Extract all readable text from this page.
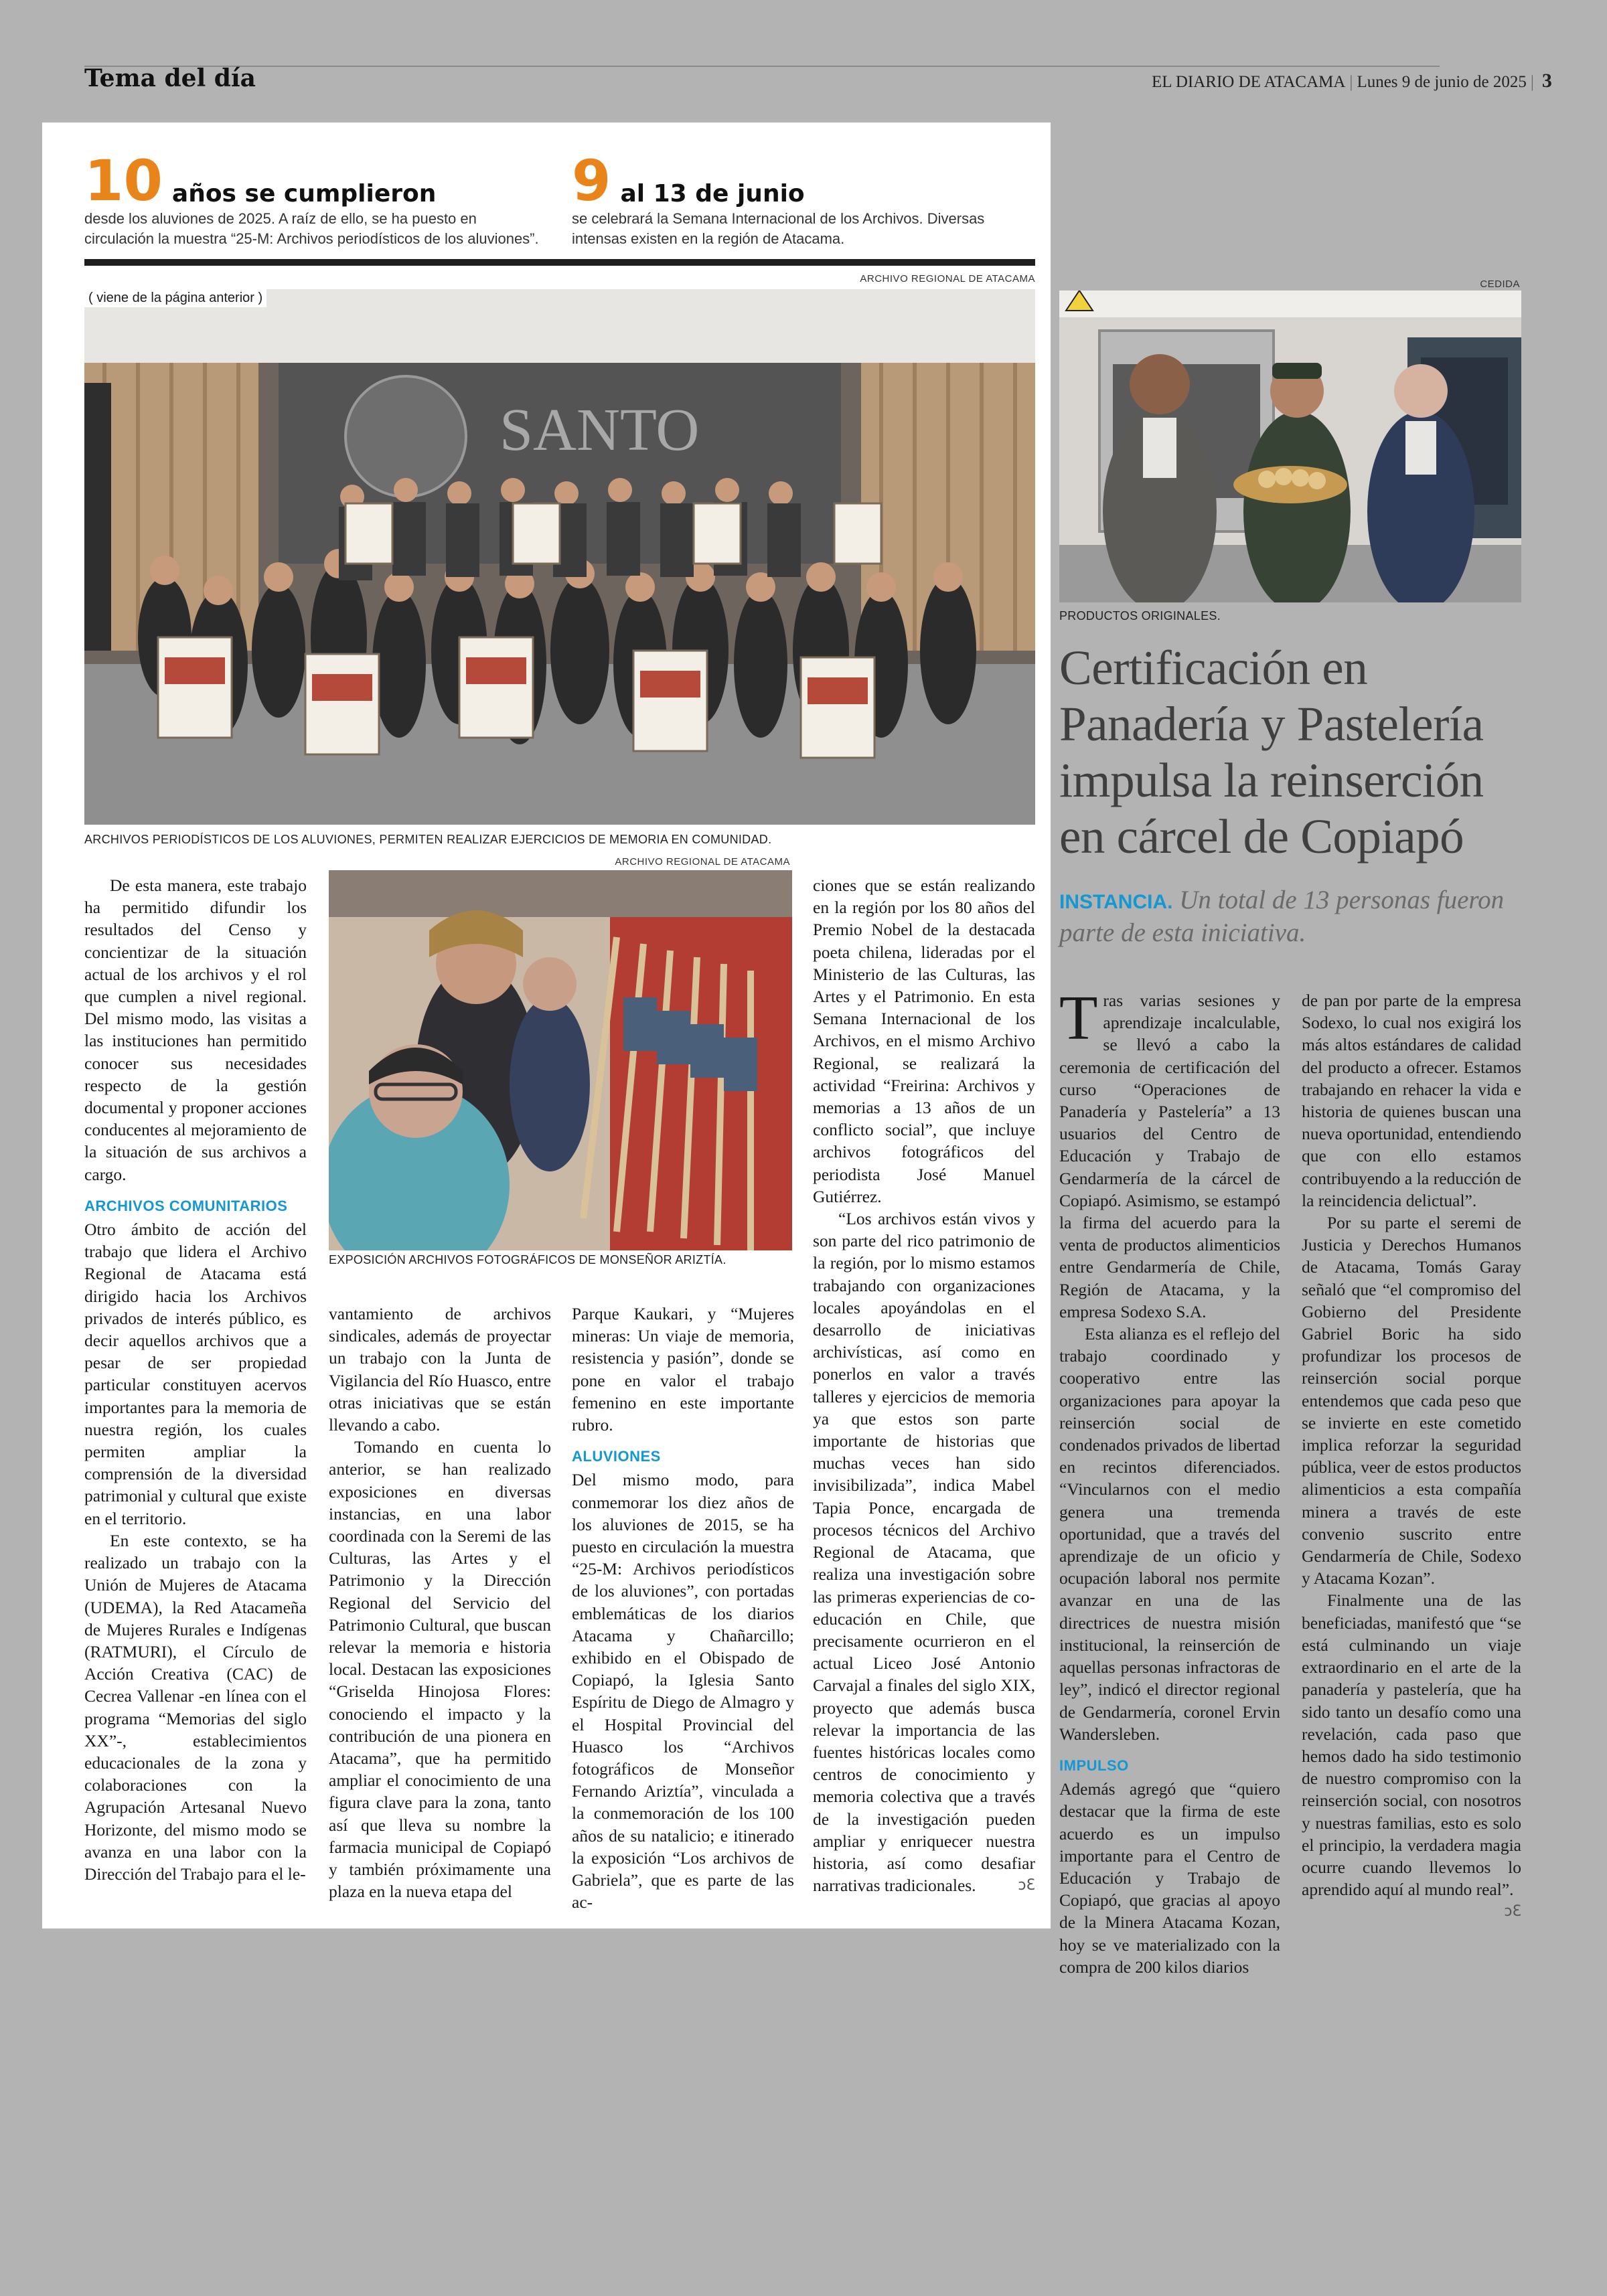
Tema del día	EL DIARIO DE ATACAMA | Lunes 9 de junio de 2025 | 3
10 años se cumplieron
desde los aluviones de 2025. A raíz de ello, se ha puesto en circulación la muestra “25-M: Archivos periodísticos de los aluviones”.
9 al 13 de junio
se celebrará la Semana Internacional de los Archivos. Diversas intensas existen en la región de Atacama.
ARCHIVO REGIONAL DE ATACAMA
SANTO
( viene de la página anterior )
ARCHIVOS PERIODÍSTICOS DE LOS ALUVIONES, PERMITEN REALIZAR EJERCICIOS DE MEMORIA EN COMUNIDAD.
ARCHIVO REGIONAL DE ATACAMA
EXPOSICIÓN ARCHIVOS FOTOGRÁFICOS DE MONSEÑOR ARIZTÍA.

De esta manera, este trabajo ha permitido difundir los resultados del Censo y concientizar de la situación actual de los archivos y el rol que cumplen a nivel regional. Del mismo modo, las visitas a las instituciones han permitido conocer sus necesidades respecto de la gestión documental y proponer acciones conducentes al mejoramiento de la situación de sus archivos a cargo.

ARCHIVOS COMUNITARIOS

Otro ámbito de acción del trabajo que lidera el Archivo Regional de Atacama está dirigido hacia los Archivos privados de interés público, es decir aquellos archivos que a pesar de ser propiedad particular constituyen acervos importantes para la memoria de nuestra región, los cuales permiten ampliar la comprensión de la diversidad patrimonial y cultural que existe en el territorio.

En este contexto, se ha realizado un trabajo con la Unión de Mujeres de Atacama (UDEMA), la Red Atacameña de Mujeres Rurales e Indígenas (RATMURI), el Círculo de Acción Creativa (CAC) de Cecrea Vallenar -en línea con el programa “Memorias del siglo XX”-, establecimientos educacionales de la zona y colaboraciones con la Agrupación Artesanal Nuevo Horizonte, del mismo modo se avanza en una labor con la Dirección del Trabajo para el le-

vantamiento de archivos sindicales, además de proyectar un trabajo con la Junta de Vigilancia del Río Huasco, entre otras iniciativas que se están llevando a cabo.

Tomando en cuenta lo anterior, se han realizado exposiciones en diversas instancias, en una labor coordinada con la Seremi de las Culturas, las Artes y el Patrimonio y la Dirección Regional del Servicio del Patrimonio Cultural, que buscan relevar la memoria e historia local. Destacan las exposiciones “Griselda Hinojosa Flores: conociendo el impacto y la contribución de una pionera en Atacama”, que ha permitido ampliar el conocimiento de una figura clave para la zona, tanto así que lleva su nombre la farmacia municipal de Copiapó y también próximamente una plaza en la nueva etapa del

Parque Kaukari, y “Mujeres mineras: Un viaje de memoria, resistencia y pasión”, donde se pone en valor el trabajo femenino en este importante rubro.

ALUVIONES

Del mismo modo, para conmemorar los diez años de los aluviones de 2015, se ha puesto en circulación la muestra “25-M: Archivos periodísticos de los aluviones”, con portadas emblemáticas de los diarios Atacama y Chañarcillo; exhibido en el Obispado de Copiapó, la Iglesia Santo Espíritu de Diego de Almagro y el Hospital Provincial del Huasco los “Archivos fotográficos de Monseñor Fernando Ariztía”, vinculada a la conmemoración de los 100 años de su natalicio; e itinerado la exposición “Los archivos de Gabriela”, que es parte de las ac-

ciones que se están realizando en la región por los 80 años del Premio Nobel de la destacada poeta chilena, lideradas por el Ministerio de las Culturas, las Artes y el Patrimonio. En esta Semana Internacional de los Archivos, en el mismo Archivo Regional, se realizará la actividad “Freirina: Archivos y memorias a 13 años de un conflicto social”, que incluye archivos fotográficos del periodista José Manuel Gutiérrez.

“Los archivos están vivos y son parte del rico patrimonio de la región, por lo mismo estamos trabajando con organizaciones locales apoyándolas en el desarrollo de iniciativas archivísticas, así como en ponerlos en valor a través talleres y ejercicios de memoria ya que estos son parte importante de historias que muchas veces han sido invisibilizada”, indica Mabel Tapia Ponce, encargada de procesos técnicos del Archivo Regional de Atacama, que realiza una investigación sobre las primeras experiencias de co-educación en Chile, que precisamente ocurrieron en el actual Liceo José Antonio Carvajal a finales del siglo XIX, proyecto que además busca relevar la importancia de las fuentes históricas locales como centros de conocimiento y memoria colectiva que a través de la investigación pueden ampliar y enriquecer nuestra historia, así como desafiar narrativas tradicionales.	ↄƐ

CEDIDA
PRODUCTOS ORIGINALES.
Certificación en Panadería y Pastelería impulsa la reinserción en cárcel de Copiapó
INSTANCIA. Un total de 13 personas fueron parte de esta iniciativa.

Tras varias sesiones y aprendizaje incalculable, se llevó a cabo la ceremonia de certificación del curso “Operaciones de Panadería y Pastelería” a 13 usuarios del Centro de Educación y Trabajo de Gendarmería de la cárcel de Copiapó. Asimismo, se estampó la firma del acuerdo para la venta de productos alimenticios entre Gendarmería de Chile, Región de Atacama, y la empresa Sodexo S.A.

Esta alianza es el reflejo del trabajo coordinado y cooperativo entre las organizaciones para apoyar la reinserción social de condenados privados de libertad en recintos diferenciados. “Vincularnos con el medio genera una tremenda oportunidad, que a través del aprendizaje de un oficio y ocupación laboral nos permite avanzar en una de las directrices de nuestra misión institucional, la reinserción de aquellas personas infractoras de ley”, indicó el director regional de Gendarmería, coronel Ervin Wandersleben.

IMPULSO

Además agregó que “quiero destacar que la firma de este acuerdo es un impulso importante para el Centro de Educación y Trabajo de Copiapó, que gracias al apoyo de la Minera Atacama Kozan, hoy se ve materializado con la compra de 200 kilos diarios

de pan por parte de la empresa Sodexo, lo cual nos exigirá los más altos estándares de calidad del producto a ofrecer. Estamos trabajando en rehacer la vida e historia de quienes buscan una nueva oportunidad, entendiendo que con ello estamos contribuyendo a la reducción de la reincidencia delictual”.

Por su parte el seremi de Justicia y Derechos Humanos de Atacama, Tomás Garay señaló que “el compromiso del Gobierno del Presidente Gabriel Boric ha sido profundizar los procesos de reinserción social porque entendemos que cada peso que se invierte en este cometido implica reforzar la seguridad pública, veer de estos productos alimenticios a esta compañía minera a través de este convenio suscrito entre Gendarmería de Chile, Sodexo y Atacama Kozan”.

Finalmente una de las beneficiadas, manifestó que “se está culminando un viaje extraordinario en el arte de la panadería y pastelería, que ha sido tanto un desafío como una revelación, cada paso que hemos dado ha sido testimonio de nuestro compromiso con la reinserción social, con nosotros y nuestras familias, esto es solo el principio, la verdadera magia ocurre cuando llevemos lo aprendido aquí al mundo real”.
ↄƐ
